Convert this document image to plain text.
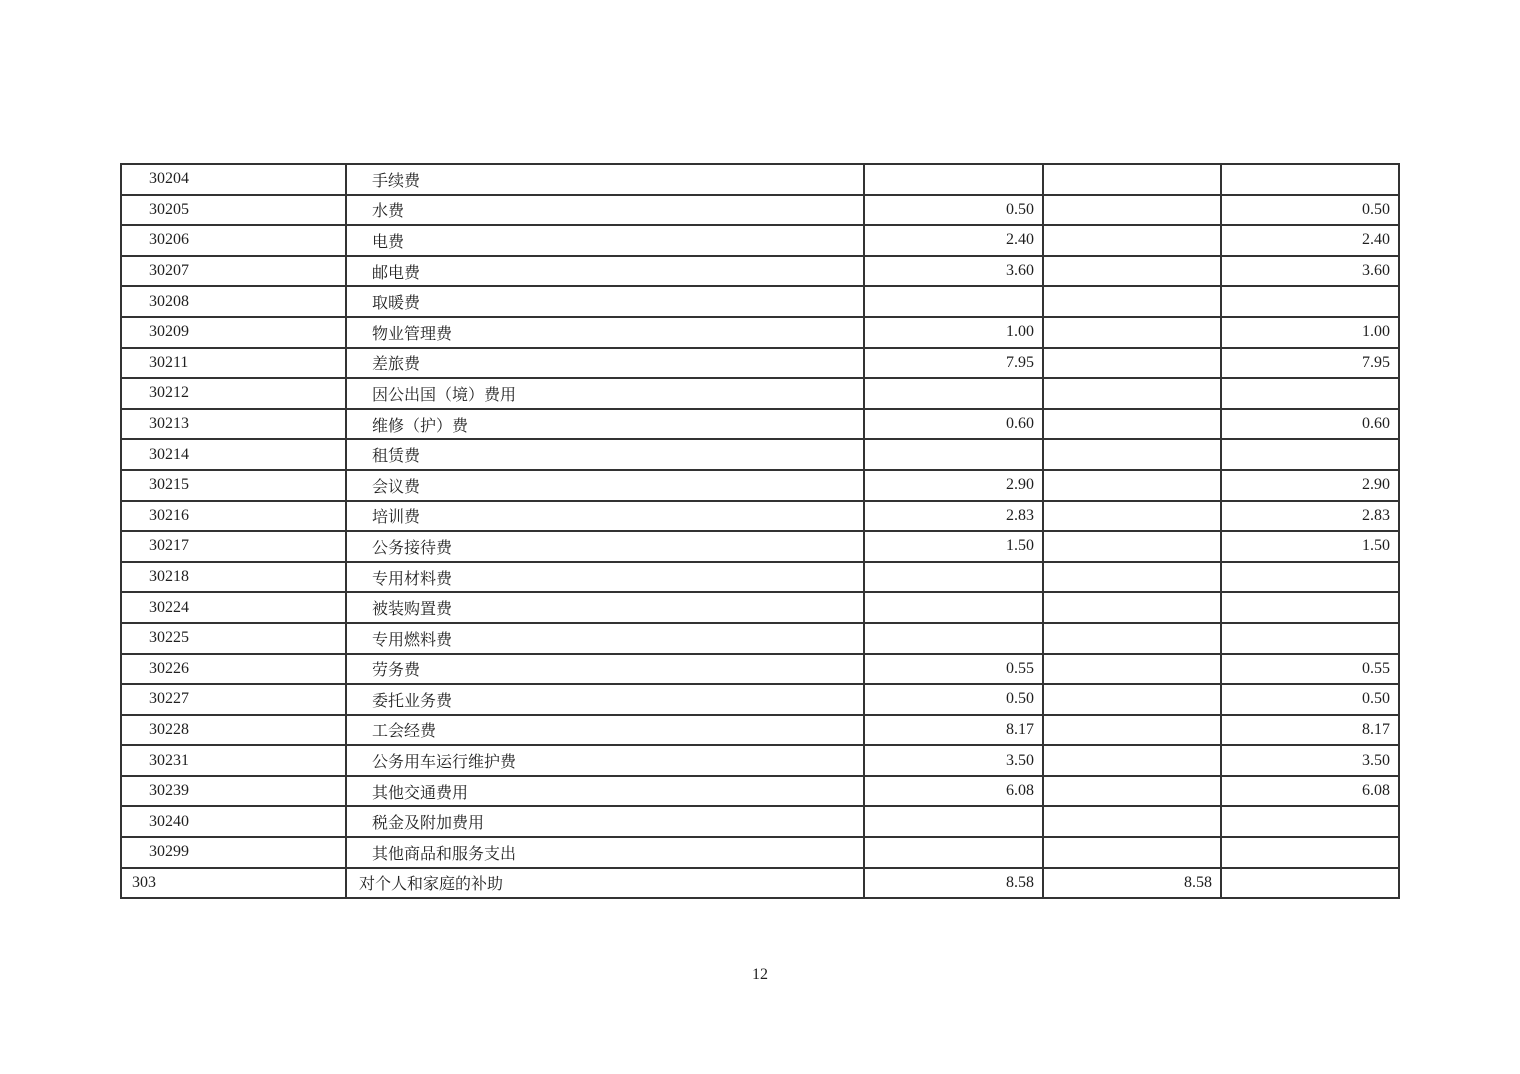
30204	手续费			
30205	水费	0.50		0.50
30206	电费	2.40		2.40
30207	邮电费	3.60		3.60
30208	取暖费			
30209	物业管理费	1.00		1.00
30211	差旅费	7.95		7.95
30212	因公出国（境）费用			
30213	维修（护）费	0.60		0.60
30214	租赁费			
30215	会议费	2.90		2.90
30216	培训费	2.83		2.83
30217	公务接待费	1.50		1.50
30218	专用材料费			
30224	被装购置费			
30225	专用燃料费			
30226	劳务费	0.55		0.55
30227	委托业务费	0.50		0.50
30228	工会经费	8.17		8.17
30231	公务用车运行维护费	3.50		3.50
30239	其他交通费用	6.08		6.08
30240	税金及附加费用			
30299	其他商品和服务支出			
303	对个人和家庭的补助	8.58	8.58	
12
